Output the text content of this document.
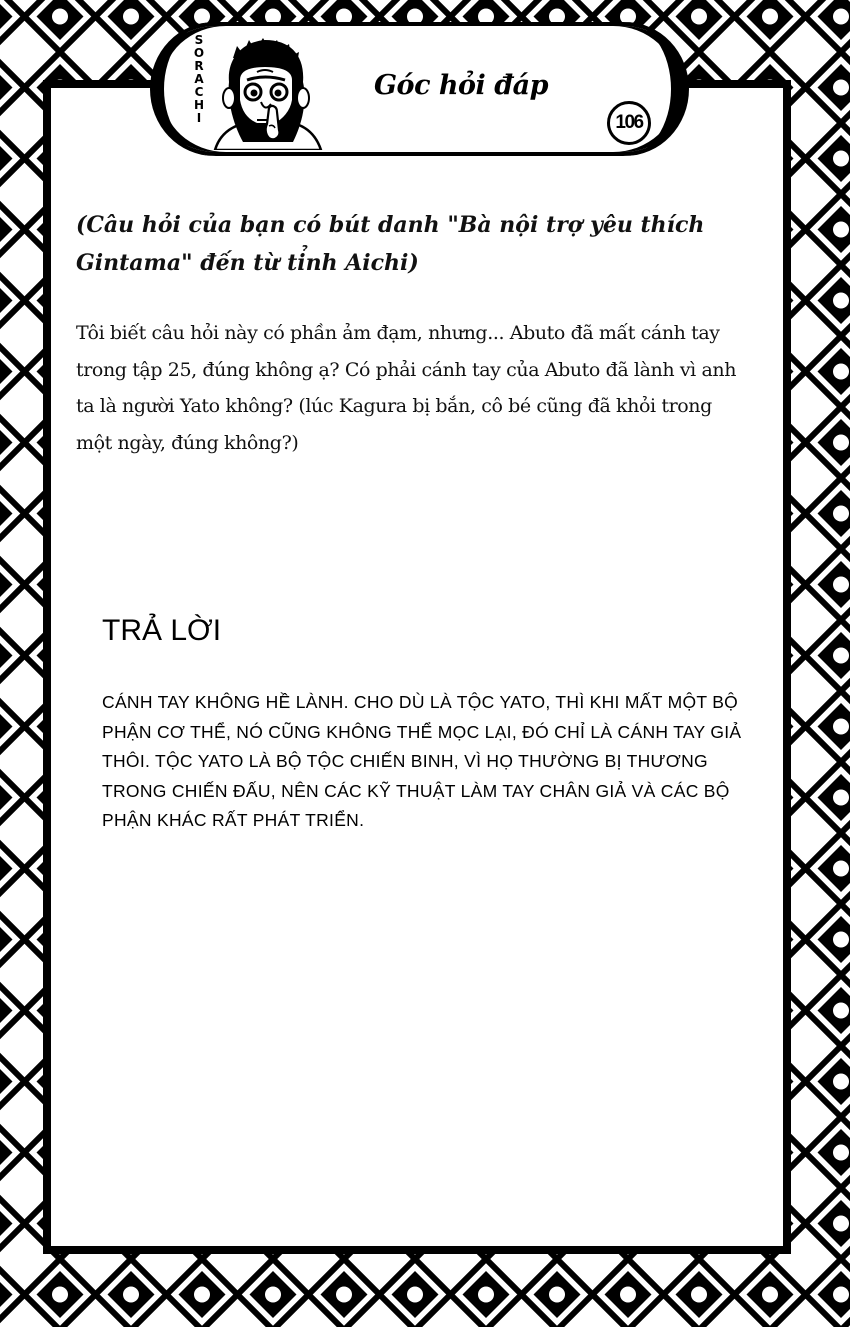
SORACHI
Góc hỏi đáp
106
(Câu hỏi của bạn có bút danh "Bà nội trợ yêu thích Gintama" đến từ tỉnh Aichi)
Tôi biết câu hỏi này có phần ảm đạm, nhưng... Abuto đã mất cánh tay trong tập 25, đúng không ạ? Có phải cánh tay của Abuto đã lành vì anh ta là người Yato không? (lúc Kagura bị bắn, cô bé cũng đã khỏi trong một ngày, đúng không?)
TRẢ LỜI
CÁNH TAY KHÔNG HỀ LÀNH. CHO DÙ LÀ TỘC YATO, THÌ KHI MẤT MỘT BỘ PHẬN CƠ THỂ, NÓ CŨNG KHÔNG THỂ MỌC LẠI, ĐÓ CHỈ LÀ CÁNH TAY GIẢ THÔI. TỘC YATO LÀ BỘ TỘC CHIẾN BINH, VÌ HỌ THƯỜNG BỊ THƯƠNG TRONG CHIẾN ĐẤU, NÊN CÁC KỸ THUẬT LÀM TAY CHÂN GIẢ VÀ CÁC BỘ PHẬN KHÁC RẤT PHÁT TRIỂN.
